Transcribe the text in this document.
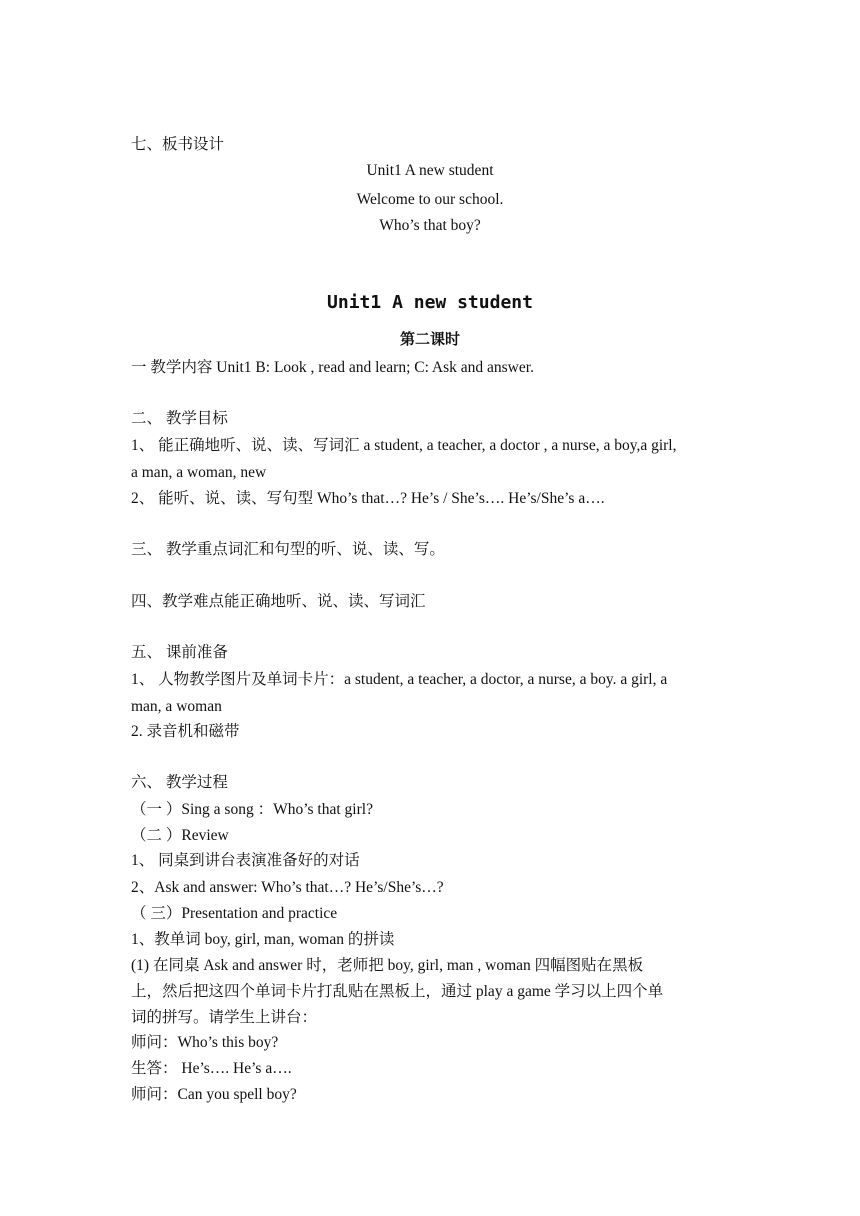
七、板书设计
Unit1 A new student
Welcome to our school.
Who’s that boy?
Unit1 A new student
第二课时
一 教学内容 Unit1 B: Look , read and learn; C: Ask and answer.
二、 教学目标
1、 能正确地听、说、读、写词汇 a student, a teacher, a doctor , a nurse, a boy,a girl,
a man, a woman, new
2、 能听、说、读、写句型 Who’s that…? He’s / She’s…. He’s/She’s a….
三、 教学重点词汇和句型的听、说、读、写。
四、教学难点能正确地听、说、读、写词汇
五、 课前准备
1、 人物教学图片及单词卡片：a student, a teacher, a doctor, a nurse, a boy. a girl, a
man, a woman
2. 录音机和磁带
六、 教学过程
（一 ）Sing a song ：Who’s that girl?
（二 ）Review
1、 同桌到讲台表演准备好的对话
2、Ask and answer: Who’s that…? He’s/She’s…?
（ 三）Presentation and practice
1、教单词 boy, girl, man, woman 的拼读
(1) 在同桌 Ask and answer 时，老师把 boy, girl, man , woman 四幅图贴在黑板
上，然后把这四个单词卡片打乱贴在黑板上，通过 play a game 学习以上四个单
词的拼写。请学生上讲台：
师问：Who’s this boy?
生答： He’s…. He’s a….
师问：Can you spell boy?
